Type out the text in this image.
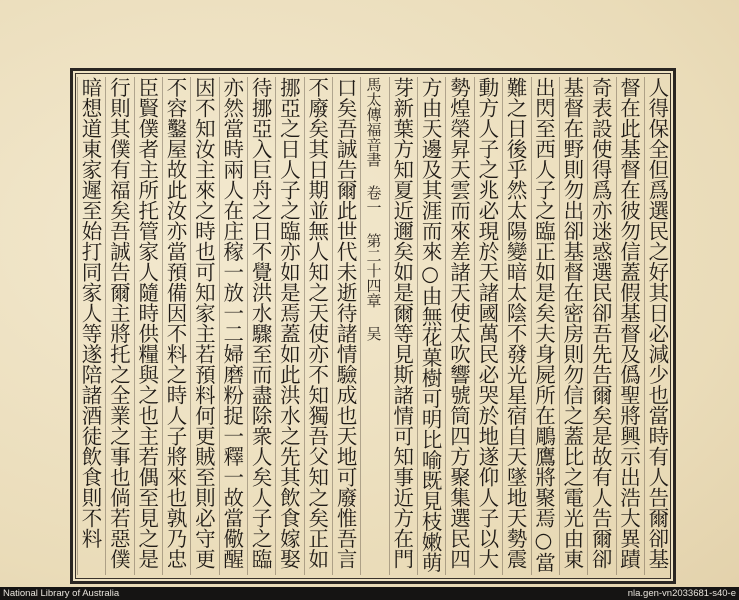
人得保全但爲選民之好其日必減少也當時有人告爾卻基
督在此基督在彼勿信蓋假基督及僞聖將興示出浩大異蹟
奇表設使得爲亦迷惑選民卻吾先告爾矣是故有人告爾卻
基督在野則勿出卻基督在密房則勿信之蓋比之電光由東
出閃至西人子之臨正如是矣夫身屍所在鵰鷹將聚焉○當
難之日後乎然太陽變暗太陰不發光星宿自天墜地天勢震
動方人子之兆必現於天諸國萬民必哭於地遂仰人子以大
勢煌榮昇天雲而來差諸天使太吹響號筒四方聚集選民四
方由天邊及其涯而來○由無花菓樹可明比喻既見枝嫩萌
芽新葉方知夏近邇矣如是爾等見斯諸情可知事近方在門
馬太傳福音書 卷一 第二十四章 吴
口矣吾誠告爾此世代未逝待諸情驗成也天地可廢惟吾言
不廢矣其日期並無人知之天使亦不知獨吾父知之矣正如
挪亞之日人子之臨亦如是焉蓋如此洪水之先其飲食嫁娶
待挪亞入巨舟之日不覺洪水驟至而盡除衆人矣人子之臨
亦然當時兩人在庄稼一放一二婦磨粉捉一釋一故當儆醒
因不知汝主來之時也可知家主若預料何更賊至則必守更
不容鑿屋故此汝亦當預備因不料之時人子將來也孰乃忠
臣賢僕者主所托管家人隨時供糧與之也主若偶至見之是
行則其僕有福矣吾誠告爾主將托之全業之事也倘若惡僕
暗想道東家遲至始打同家人等遂陪諸酒徒飲食則不料
National Library of Australia	nla.gen-vn2033681-s40-e
